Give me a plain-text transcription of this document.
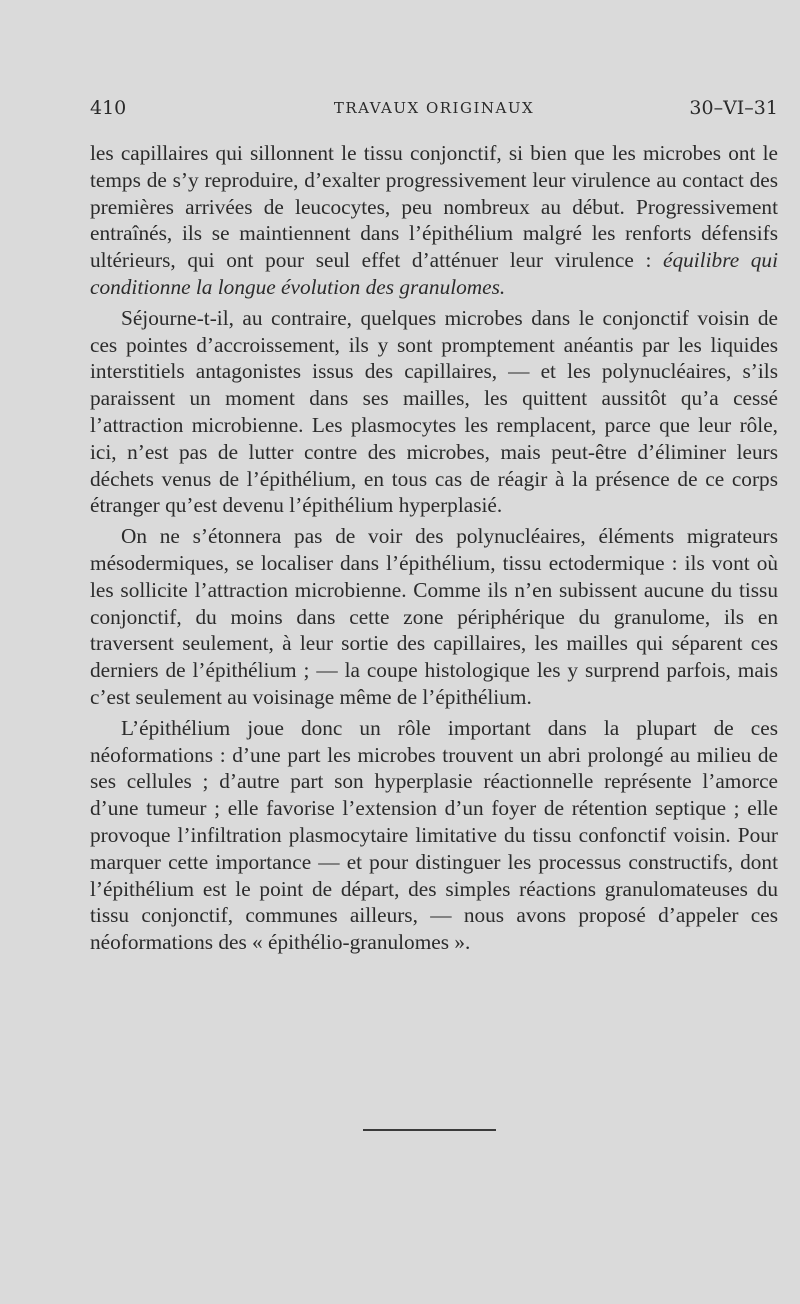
410	TRAVAUX ORIGINAUX	30–VI–31

les capillaires qui sillonnent le tissu conjonctif, si bien que les microbes ont le temps de s’y reproduire, d’exalter progressivement leur virulence au contact des premières arrivées de leucocytes, peu nombreux au début. Progressivement entraînés, ils se maintiennent dans l’épithélium malgré les renforts défensifs ultérieurs, qui ont pour seul effet d’atténuer leur virulence : équilibre qui conditionne la longue évolution des granulomes.

Séjourne-t-il, au contraire, quelques microbes dans le conjonctif voisin de ces pointes d’accroissement, ils y sont promptement anéantis par les liquides interstitiels antagonistes issus des capillaires, — et les polynucléaires, s’ils paraissent un moment dans ses mailles, les quittent aussitôt qu’a cessé l’attraction microbienne. Les plasmocytes les remplacent, parce que leur rôle, ici, n’est pas de lutter contre des microbes, mais peut-être d’éliminer leurs déchets venus de l’épithélium, en tous cas de réagir à la présence de ce corps étranger qu’est devenu l’épithélium hyperplasié.

On ne s’étonnera pas de voir des polynucléaires, éléments migrateurs mésodermiques, se localiser dans l’épithélium, tissu ectodermique : ils vont où les sollicite l’attraction microbienne. Comme ils n’en subissent aucune du tissu conjonctif, du moins dans cette zone périphérique du granulome, ils en traversent seulement, à leur sortie des capillaires, les mailles qui séparent ces derniers de l’épithélium ; — la coupe histologique les y surprend parfois, mais c’est seulement au voisinage même de l’épithélium.

L’épithélium joue donc un rôle important dans la plupart de ces néoformations : d’une part les microbes trouvent un abri prolongé au milieu de ses cellules ; d’autre part son hyperplasie réactionnelle représente l’amorce d’une tumeur ; elle favorise l’extension d’un foyer de rétention septique ; elle provoque l’infiltration plasmocytaire limitative du tissu confonctif voisin. Pour marquer cette importance — et pour distinguer les processus constructifs, dont l’épithélium est le point de départ, des simples réactions granulomateuses du tissu conjonctif, communes ailleurs, — nous avons proposé d’appeler ces néoformations des « épithélio-granulomes ».
